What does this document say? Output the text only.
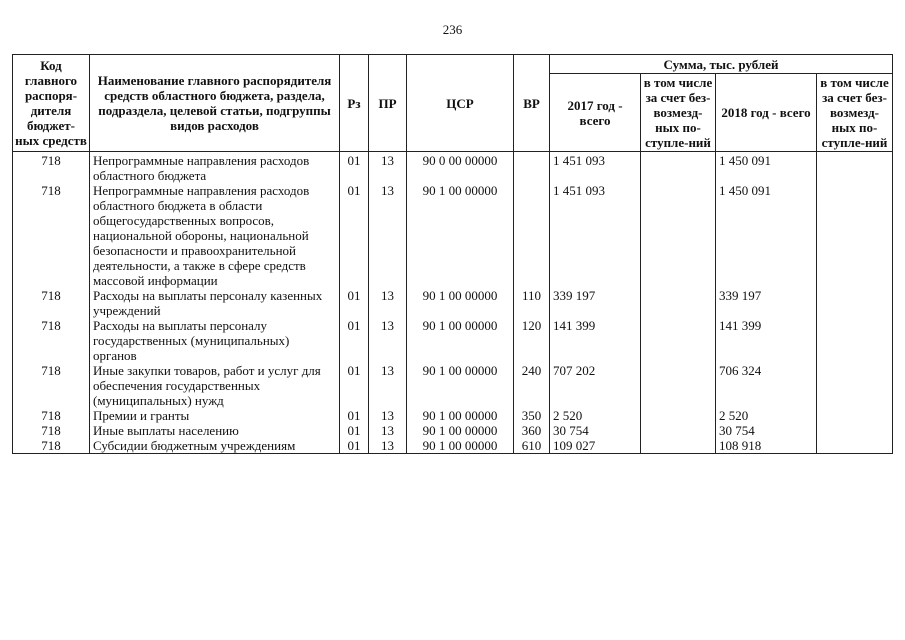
236
Код главного распоря-дителя бюджет-ных средств	Наименование главного распорядителя средств областного бюджета, раздела, подраздела, целевой статьи, подгруппы видов расходов	Рз	ПР	ЦСР	ВР	Сумма, тыс. рублей			
						2017 год - всего	в том числе за счет без-возмезд-ных по-ступле-ний	2018 год - всего	в том числе за счет без-возмезд-ных по-ступле-ний
718	Непрограммные направления расходов областного бюджета	01	13	90 0 00 00000		1 451 093		1 450 091	
718	Непрограммные направления расходов областного бюджета в области общегосударственных вопросов, национальной обороны, национальной безопасности и правоохранительной деятельности, а также в сфере средств массовой информации	01	13	90 1 00 00000		1 451 093		1 450 091	
718	Расходы на выплаты персоналу казенных учреждений	01	13	90 1 00 00000	110	339 197		339 197	
718	Расходы на выплаты персоналу государственных (муниципальных) органов	01	13	90 1 00 00000	120	141 399		141 399	
718	Иные закупки товаров, работ и услуг для обеспечения государственных (муниципальных) нужд	01	13	90 1 00 00000	240	707 202		706 324	
718	Премии и гранты	01	13	90 1 00 00000	350	2 520		2 520	
718	Иные выплаты населению	01	13	90 1 00 00000	360	30 754		30 754	
718	Субсидии бюджетным учреждениям	01	13	90 1 00 00000	610	109 027		108 918	
